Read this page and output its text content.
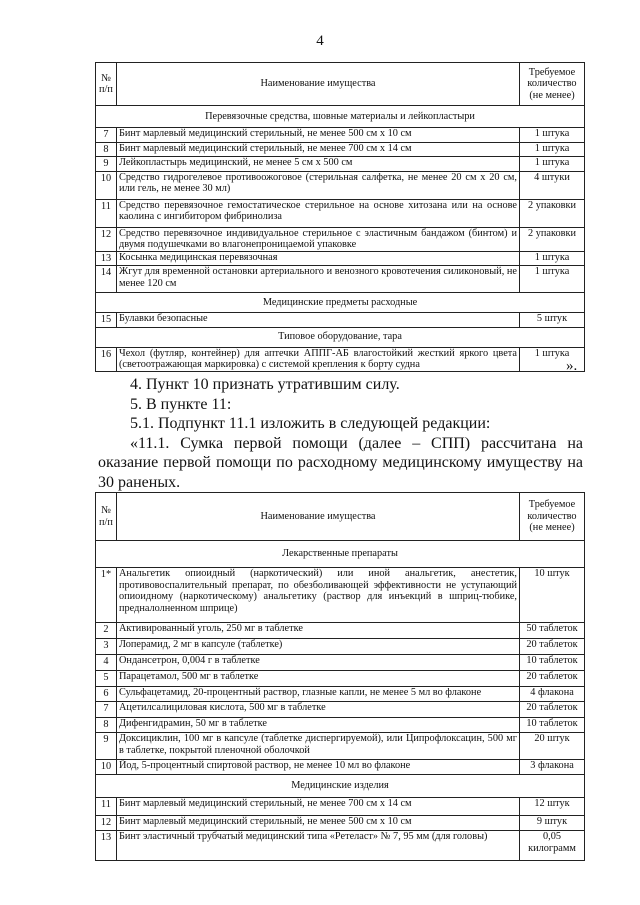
4
№ п/п	Наименование имущества	Требуемое количество (не менее)
Перевязочные средства, шовные материалы и лейкопластыри		
7	Бинт марлевый медицинский стерильный, не менее 500 см х 10 см	1 штука
8	Бинт марлевый медицинский стерильный, не менее 700 см х 14 см	1 штука
9	Лейкопластырь медицинский, не менее 5 см х 500 см	1 штука
10	Средство гидрогелевое противоожоговое (стерильная салфетка, не менее 20 см х 20 см, или гель, не менее 30 мл)	4 штуки
11	Средство перевязочное гемостатическое стерильное на основе хитозана или на основе каолина с ингибитором фибринолиза	2 упаковки
12	Средство перевязочное индивидуальное стерильное с эластичным бандажом (бинтом) и двумя подушечками во влагонепроницаемой упаковке	2 упаковки
13	Косынка медицинская перевязочная	1 штука
14	Жгут для временной остановки артериального и венозного кровотечения силиконовый, не менее 120 см	1 штука
Медицинские предметы расходные		
15	Булавки безопасные	5 штук
Типовое оборудование, тара		
16	Чехол (футляр, контейнер) для аптечки АППГ-АБ влагостойкий жесткий яркого цвета (светоотражающая маркировка) с системой крепления к борту судна	1 штука
».

4. Пункт 10 признать утратившим силу.

5. В пункте 11:

5.1. Подпункт 11.1 изложить в следующей редакции:

«11.1. Сумка первой помощи (далее – СПП) рассчитана на оказание первой помощи по расходному медицинскому имуществу на 30 раненых.

№ п/п	Наименование имущества	Требуемое количество (не менее)
Лекарственные препараты		
1*	Анальгетик опиоидный (наркотический) или иной анальгетик, анестетик, противовоспалительный препарат, по обезболивающей эффективности не уступающий опиоидному (наркотическому) анальгетику (раствор для инъекций в шприц-тюбике, предналолненном шприце)	10 штук
2	Активированный уголь, 250 мг в таблетке	50 таблеток
3	Лоперамид, 2 мг в капсуле (таблетке)	20 таблеток
4	Ондансетрон, 0,004 г в таблетке	10 таблеток
5	Парацетамол, 500 мг в таблетке	20 таблеток
6	Сульфацетамид, 20-процентный раствор, глазные капли, не менее 5 мл во флаконе	4 флакона
7	Ацетилсалициловая кислота, 500 мг в таблетке	20 таблеток
8	Дифенгидрамин, 50 мг в таблетке	10 таблеток
9	Доксициклин, 100 мг в капсуле (таблетке диспергируемой), или Ципрофлоксацин, 500 мг в таблетке, покрытой пленочной оболочкой	20 штук
10	Йод, 5-процентный спиртовой раствор, не менее 10 мл во флаконе	3 флакона
Медицинские изделия		
11	Бинт марлевый медицинский стерильный, не менее 700 см х 14 см	12 штук
12	Бинт марлевый медицинский стерильный, не менее 500 см х 10 см	9 штук
13	Бинт эластичный трубчатый медицинский типа «Ретеласт» № 7, 95 мм (для головы)	0,05 килограмм
